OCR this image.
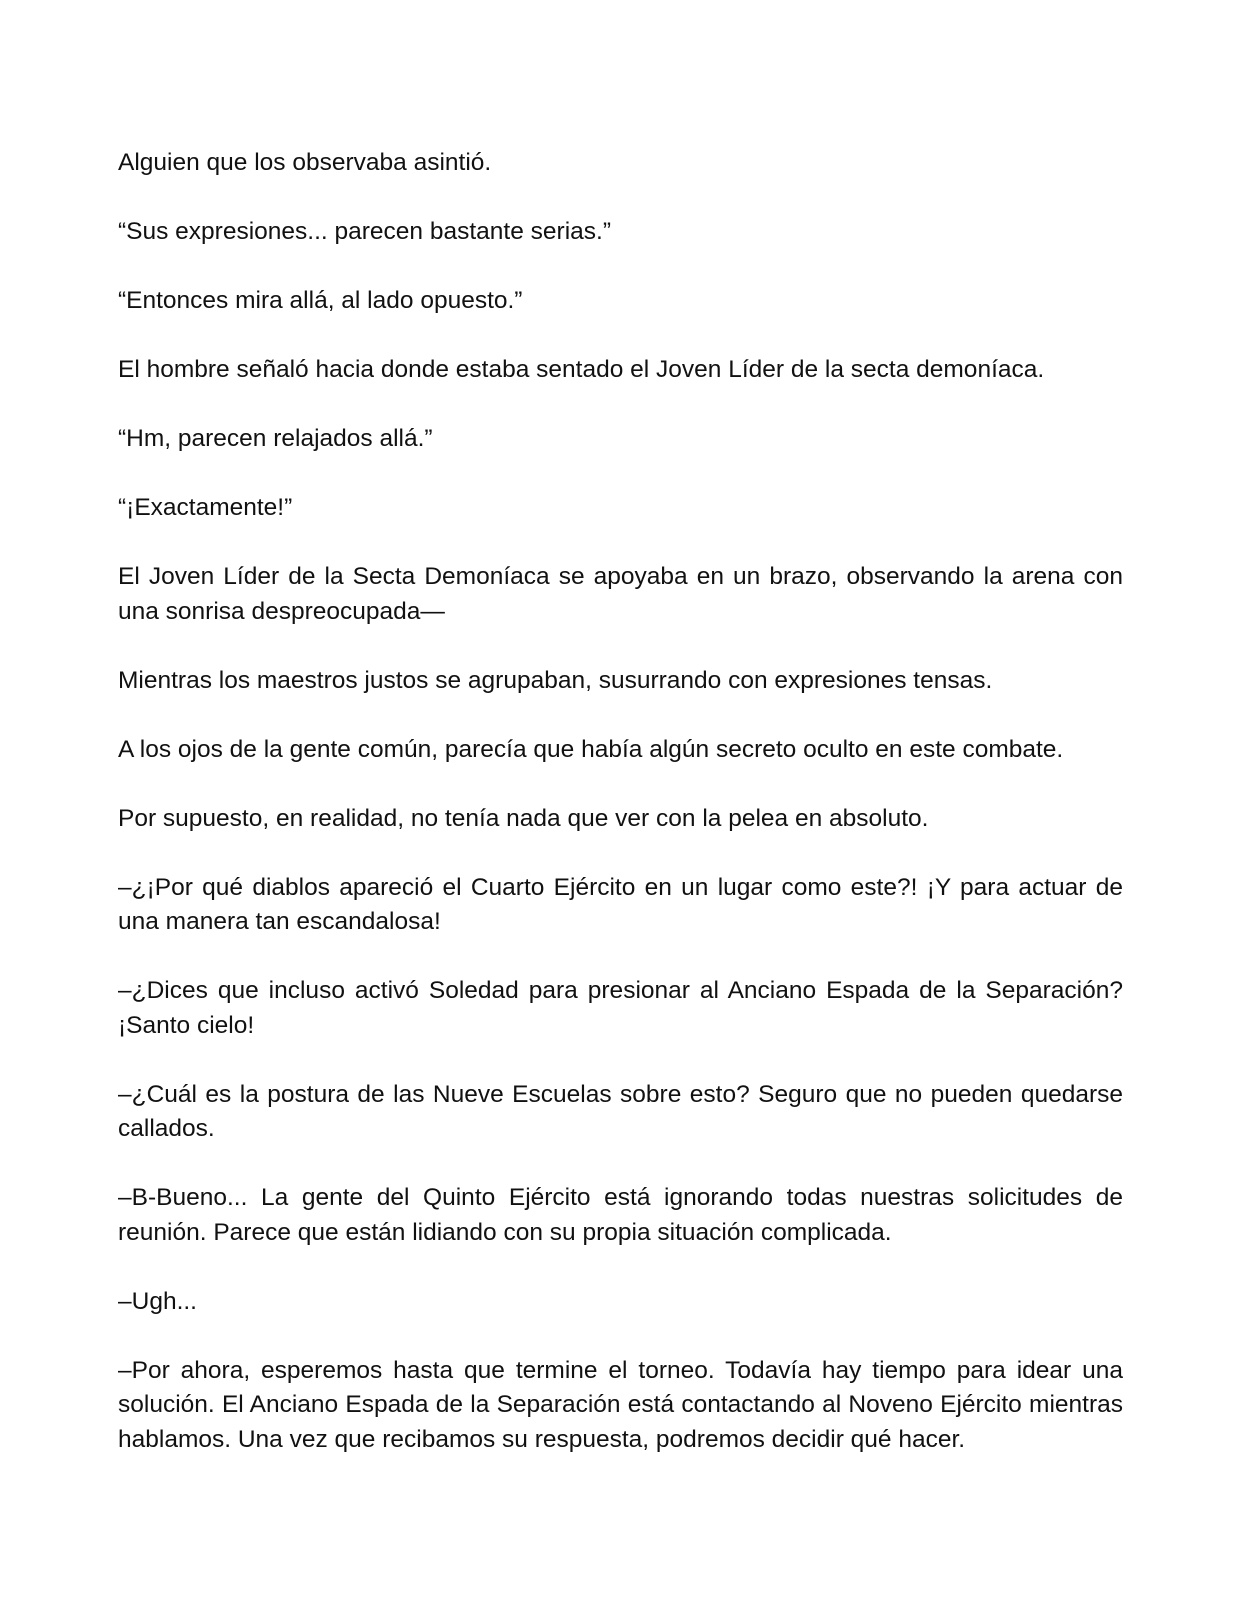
Alguien que los observaba asintió.

“Sus expresiones... parecen bastante serias.”

“Entonces mira allá, al lado opuesto.”

El hombre señaló hacia donde estaba sentado el Joven Líder de la secta demoníaca.

“Hm, parecen relajados allá.”

“¡Exactamente!”

El Joven Líder de la Secta Demoníaca se apoyaba en un brazo, observando la arena con una sonrisa despreocupada—

Mientras los maestros justos se agrupaban, susurrando con expresiones tensas.

A los ojos de la gente común, parecía que había algún secreto oculto en este combate.

Por supuesto, en realidad, no tenía nada que ver con la pelea en absoluto.

–¿¡Por qué diablos apareció el Cuarto Ejército en un lugar como este?! ¡Y para actuar de una manera tan escandalosa!

–¿Dices que incluso activó Soledad para presionar al Anciano Espada de la Separación? ¡Santo cielo!

–¿Cuál es la postura de las Nueve Escuelas sobre esto? Seguro que no pueden quedarse callados.

–B-Bueno... La gente del Quinto Ejército está ignorando todas nuestras solicitudes de reunión. Parece que están lidiando con su propia situación complicada.

–Ugh...

–Por ahora, esperemos hasta que termine el torneo. Todavía hay tiempo para idear una solución. El Anciano Espada de la Separación está contactando al Noveno Ejército mientras hablamos. Una vez que recibamos su respuesta, podremos decidir qué hacer.
